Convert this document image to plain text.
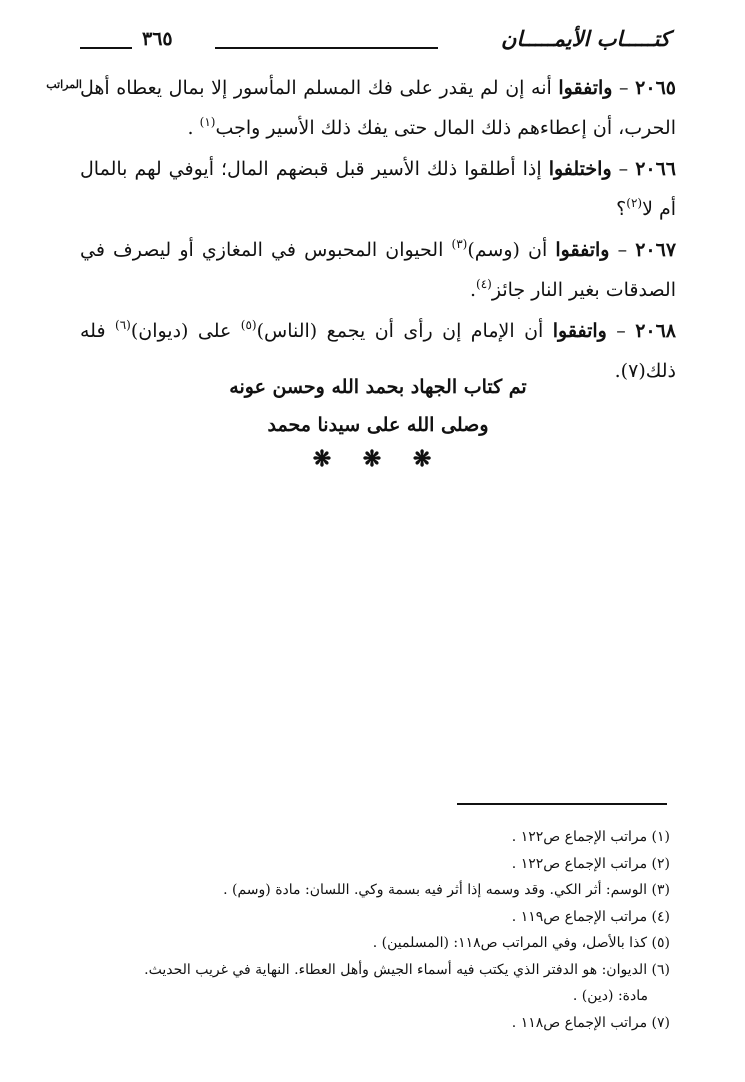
كتـــــاب الأيمـــــان
٣٦٥
المراتب	٢٠٦٥ – واتفقوا أنه إن لم يقدر على فك المسلم المأسور إلا بمال يعطاه أهل الحرب، أن إعطاءهم ذلك المال حتى يفك ذلك الأسير واجب$^{(١)}$ .

٢٠٦٦ – واختلفوا إذا أطلقوا ذلك الأسير قبل قبضهم المال؛ أيوفي لهم بالمال أم لا$^{(٢)}$؟

٢٠٦٧ – واتفقوا أن (وسم)$^{(٣)}$ الحيوان المحبوس في المغازي أو ليصرف في الصدقات بغير النار جائز$^{(٤)}$.

٢٠٦٨ – واتفقوا أن الإمام إن رأى أن يجمع (الناس)$^{(٥)}$ على (ديوان)$^{(٦)}$ فله ذلك(٧).

تم كتاب الجهاد بحمد الله وحسن عونه
وصلى الله على سيدنا محمد
❋ ❋ ❋
(١) مراتب الإجماع ص١٢٢ .
(٢) مراتب الإجماع ص١٢٢ .
(٣) الوسم: أثر الكي. وقد وسمه إذا أثر فيه بسمة وكي. اللسان: مادة (وسم) .
(٤) مراتب الإجماع ص١١٩ .
(٥) كذا بالأصل، وفي المراتب ص١١٨: (المسلمين) .
(٦) الديوان: هو الدفتر الذي يكتب فيه أسماء الجيش وأهل العطاء. النهاية في غريب الحديث.
مادة: (دين) .
(٧) مراتب الإجماع ص١١٨ .
